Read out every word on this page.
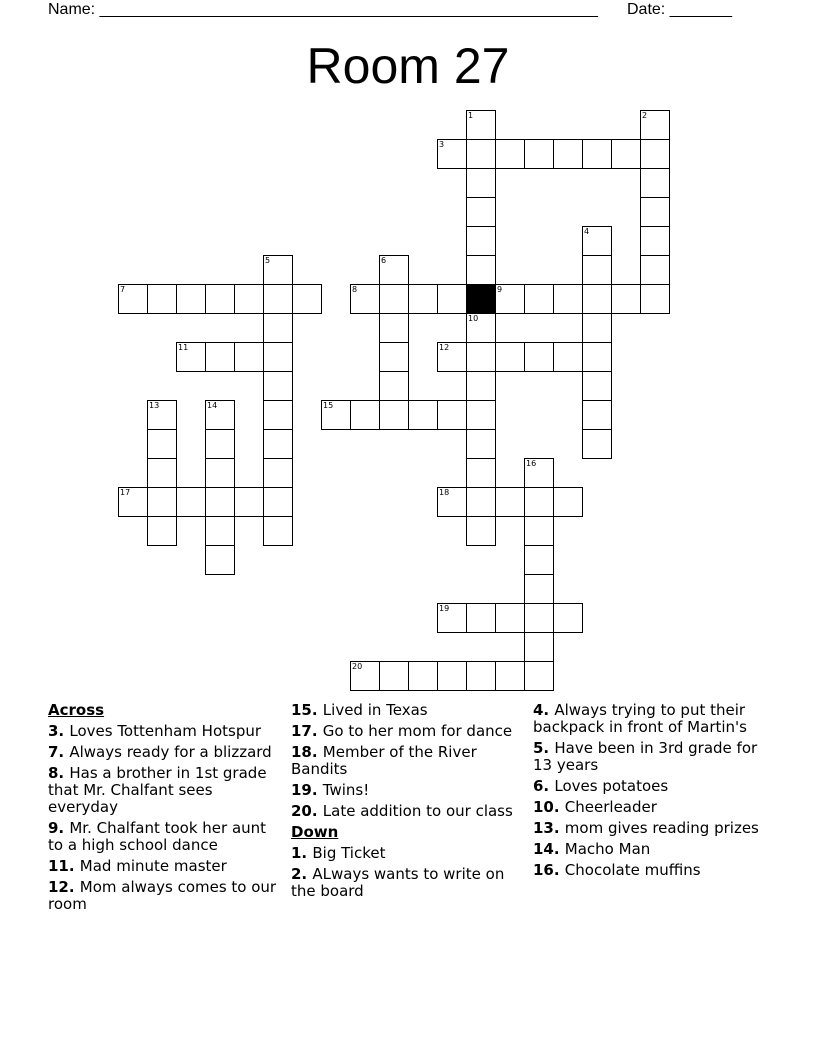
Name: ________________________________________________________ Date: _______
Room 27
1	2
3
4
5	6
7	8	9
10
11	12
13	14	15
16
17	18
19
20
Across
3. Loves Tottenham Hotspur
7. Always ready for a blizzard
8. Has a brother in 1st grade that Mr. Chalfant sees everyday
9. Mr. Chalfant took her aunt to a high school dance
11. Mad minute master
12. Mom always comes to our room
15. Lived in Texas
17. Go to her mom for dance
18. Member of the River Bandits
19. Twins!
20. Late addition to our class
Down
1. Big Ticket
2. ALways wants to write on the board
4. Always trying to put their backpack in front of Martin's
5. Have been in 3rd grade for 13 years
6. Loves potatoes
10. Cheerleader
13. mom gives reading prizes
14. Macho Man
16. Chocolate muffins
